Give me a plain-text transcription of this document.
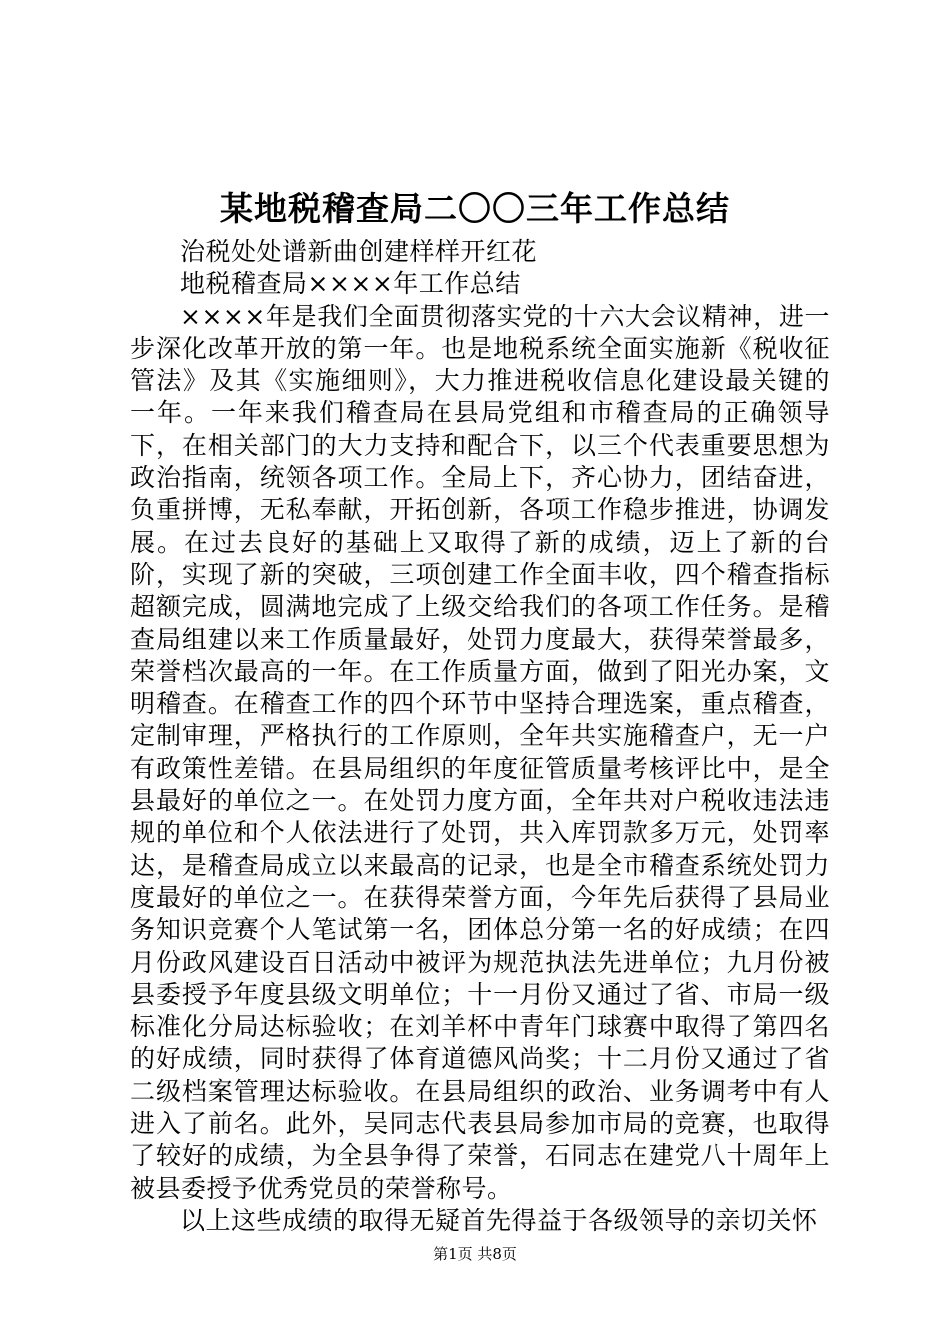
某地税稽查局二〇〇三年工作总结

治税处处谱新曲创建样样开红花

地税稽查局××××年工作总结

××××年是我们全面贯彻落实党的十六大会议精神，进一步深化改革开放的第一年。也是地税系统全面实施新《税收征管法》及其《实施细则》，大力推进税收信息化建设最关键的一年。一年来我们稽查局在县局党组和市稽查局的正确领导下，在相关部门的大力支持和配合下，以三个代表重要思想为政治指南，统领各项工作。全局上下，齐心协力，团结奋进，负重拼博，无私奉献，开拓创新，各项工作稳步推进，协调发展。在过去良好的基础上又取得了新的成绩，迈上了新的台阶，实现了新的突破，三项创建工作全面丰收，四个稽查指标超额完成，圆满地完成了上级交给我们的各项工作任务。是稽查局组建以来工作质量最好，处罚力度最大，获得荣誉最多，荣誉档次最高的一年。在工作质量方面，做到了阳光办案，文明稽查。在稽查工作的四个环节中坚持合理选案，重点稽查，定制审理，严格执行的工作原则，全年共实施稽查户，无一户有政策性差错。在县局组织的年度征管质量考核评比中，是全县最好的单位之一。在处罚力度方面，全年共对户税收违法违规的单位和个人依法进行了处罚，共入库罚款多万元，处罚率达，是稽查局成立以来最高的记录，也是全市稽查系统处罚力度最好的单位之一。在获得荣誉方面，今年先后获得了县局业务知识竞赛个人笔试第一名，团体总分第一名的好成绩；在四月份政风建设百日活动中被评为规范执法先进单位；九月份被县委授予年度县级文明单位；十一月份又通过了省、市局一级标准化分局达标验收；在刘羊杯中青年门球赛中取得了第四名的好成绩，同时获得了体育道德风尚奖；十二月份又通过了省二级档案管理达标验收。在县局组织的政治、业务调考中有人进入了前名。此外，吴同志代表县局参加市局的竞赛，也取得了较好的成绩，为全县争得了荣誉，石同志在建党八十周年上被县委授予优秀党员的荣誉称号。

以上这些成绩的取得无疑首先得益于各级领导的亲切关怀

第1页 共8页
